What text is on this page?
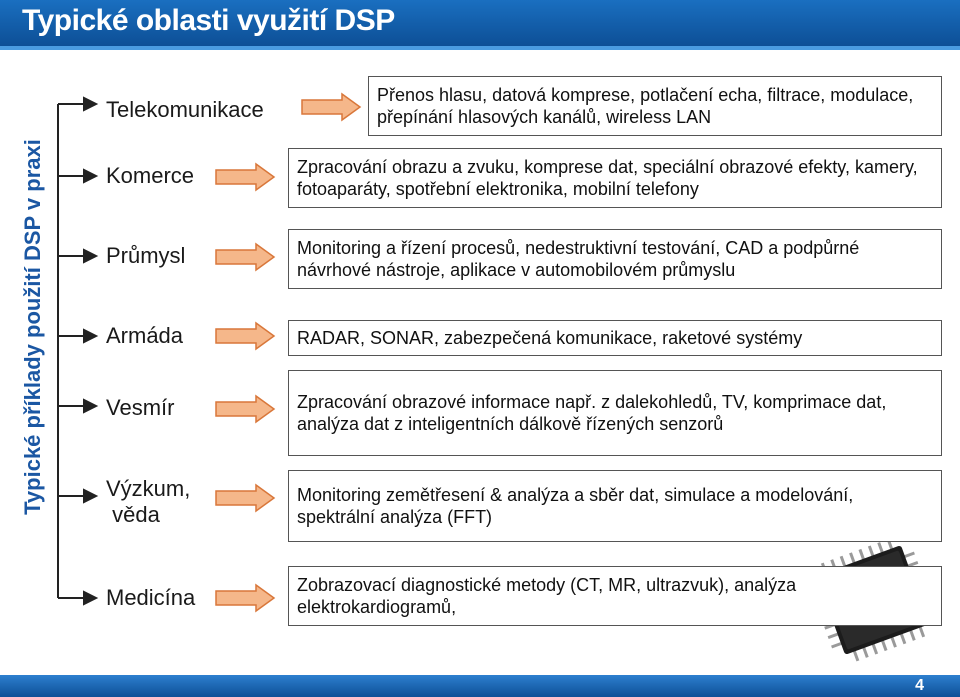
Typické oblasti využití DSP
Typické příklady použití DSP v praxi
Telekomunikace
Komerce
Průmysl
Armáda
Vesmír
Výzkum,
věda
Medicína
Přenos hlasu, datová komprese, potlačení echa, filtrace, modulace, přepínání hlasových kanálů, wireless LAN
Zpracování obrazu a zvuku, komprese dat, speciální obrazové efekty, kamery, fotoaparáty, spotřební elektronika, mobilní telefony
Monitoring a řízení procesů, nedestruktivní testování, CAD a podpůrné návrhové nástroje, aplikace v automobilovém průmyslu
RADAR, SONAR, zabezpečená komunikace, raketové systémy
Zpracování obrazové informace např. z dalekohledů, TV, komprimace dat, analýza dat z inteligentních dálkově řízených senzorů
Monitoring zemětřesení & analýza a sběr dat, simulace a modelování, spektrální analýza (FFT)
Zobrazovací diagnostické metody (CT, MR, ultrazvuk), analýza elektrokardiogramů,
4
